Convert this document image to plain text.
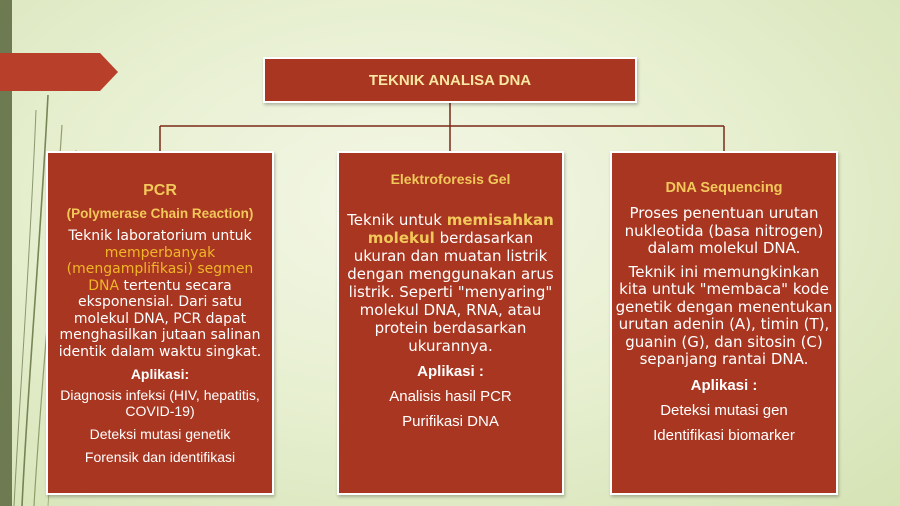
TEKNIK ANALISA DNA
PCR
(Polymerase Chain Reaction)
Teknik laboratorium untuk memperbanyak (mengamplifikasi) segmen DNA tertentu secara eksponensial. Dari satu molekul DNA, PCR dapat menghasilkan jutaan salinan identik dalam waktu singkat.
Aplikasi:
Diagnosis infeksi (HIV, hepatitis, COVID-19)
Deteksi mutasi genetik
Forensik dan identifikasi
Elektroforesis Gel
Teknik untuk memisahkan molekul berdasarkan ukuran dan muatan listrik dengan menggunakan arus listrik. Seperti "menyaring" molekul DNA, RNA, atau protein berdasarkan ukurannya.
Aplikasi :
Analisis hasil PCR
Purifikasi DNA
DNA Sequencing
Proses penentuan urutan nukleotida (basa nitrogen) dalam molekul DNA.
Teknik ini memungkinkan kita untuk "membaca" kode genetik dengan menentukan urutan adenin (A), timin (T), guanin (G), dan sitosin (C) sepanjang rantai DNA.
Aplikasi :
Deteksi mutasi gen
Identifikasi biomarker
